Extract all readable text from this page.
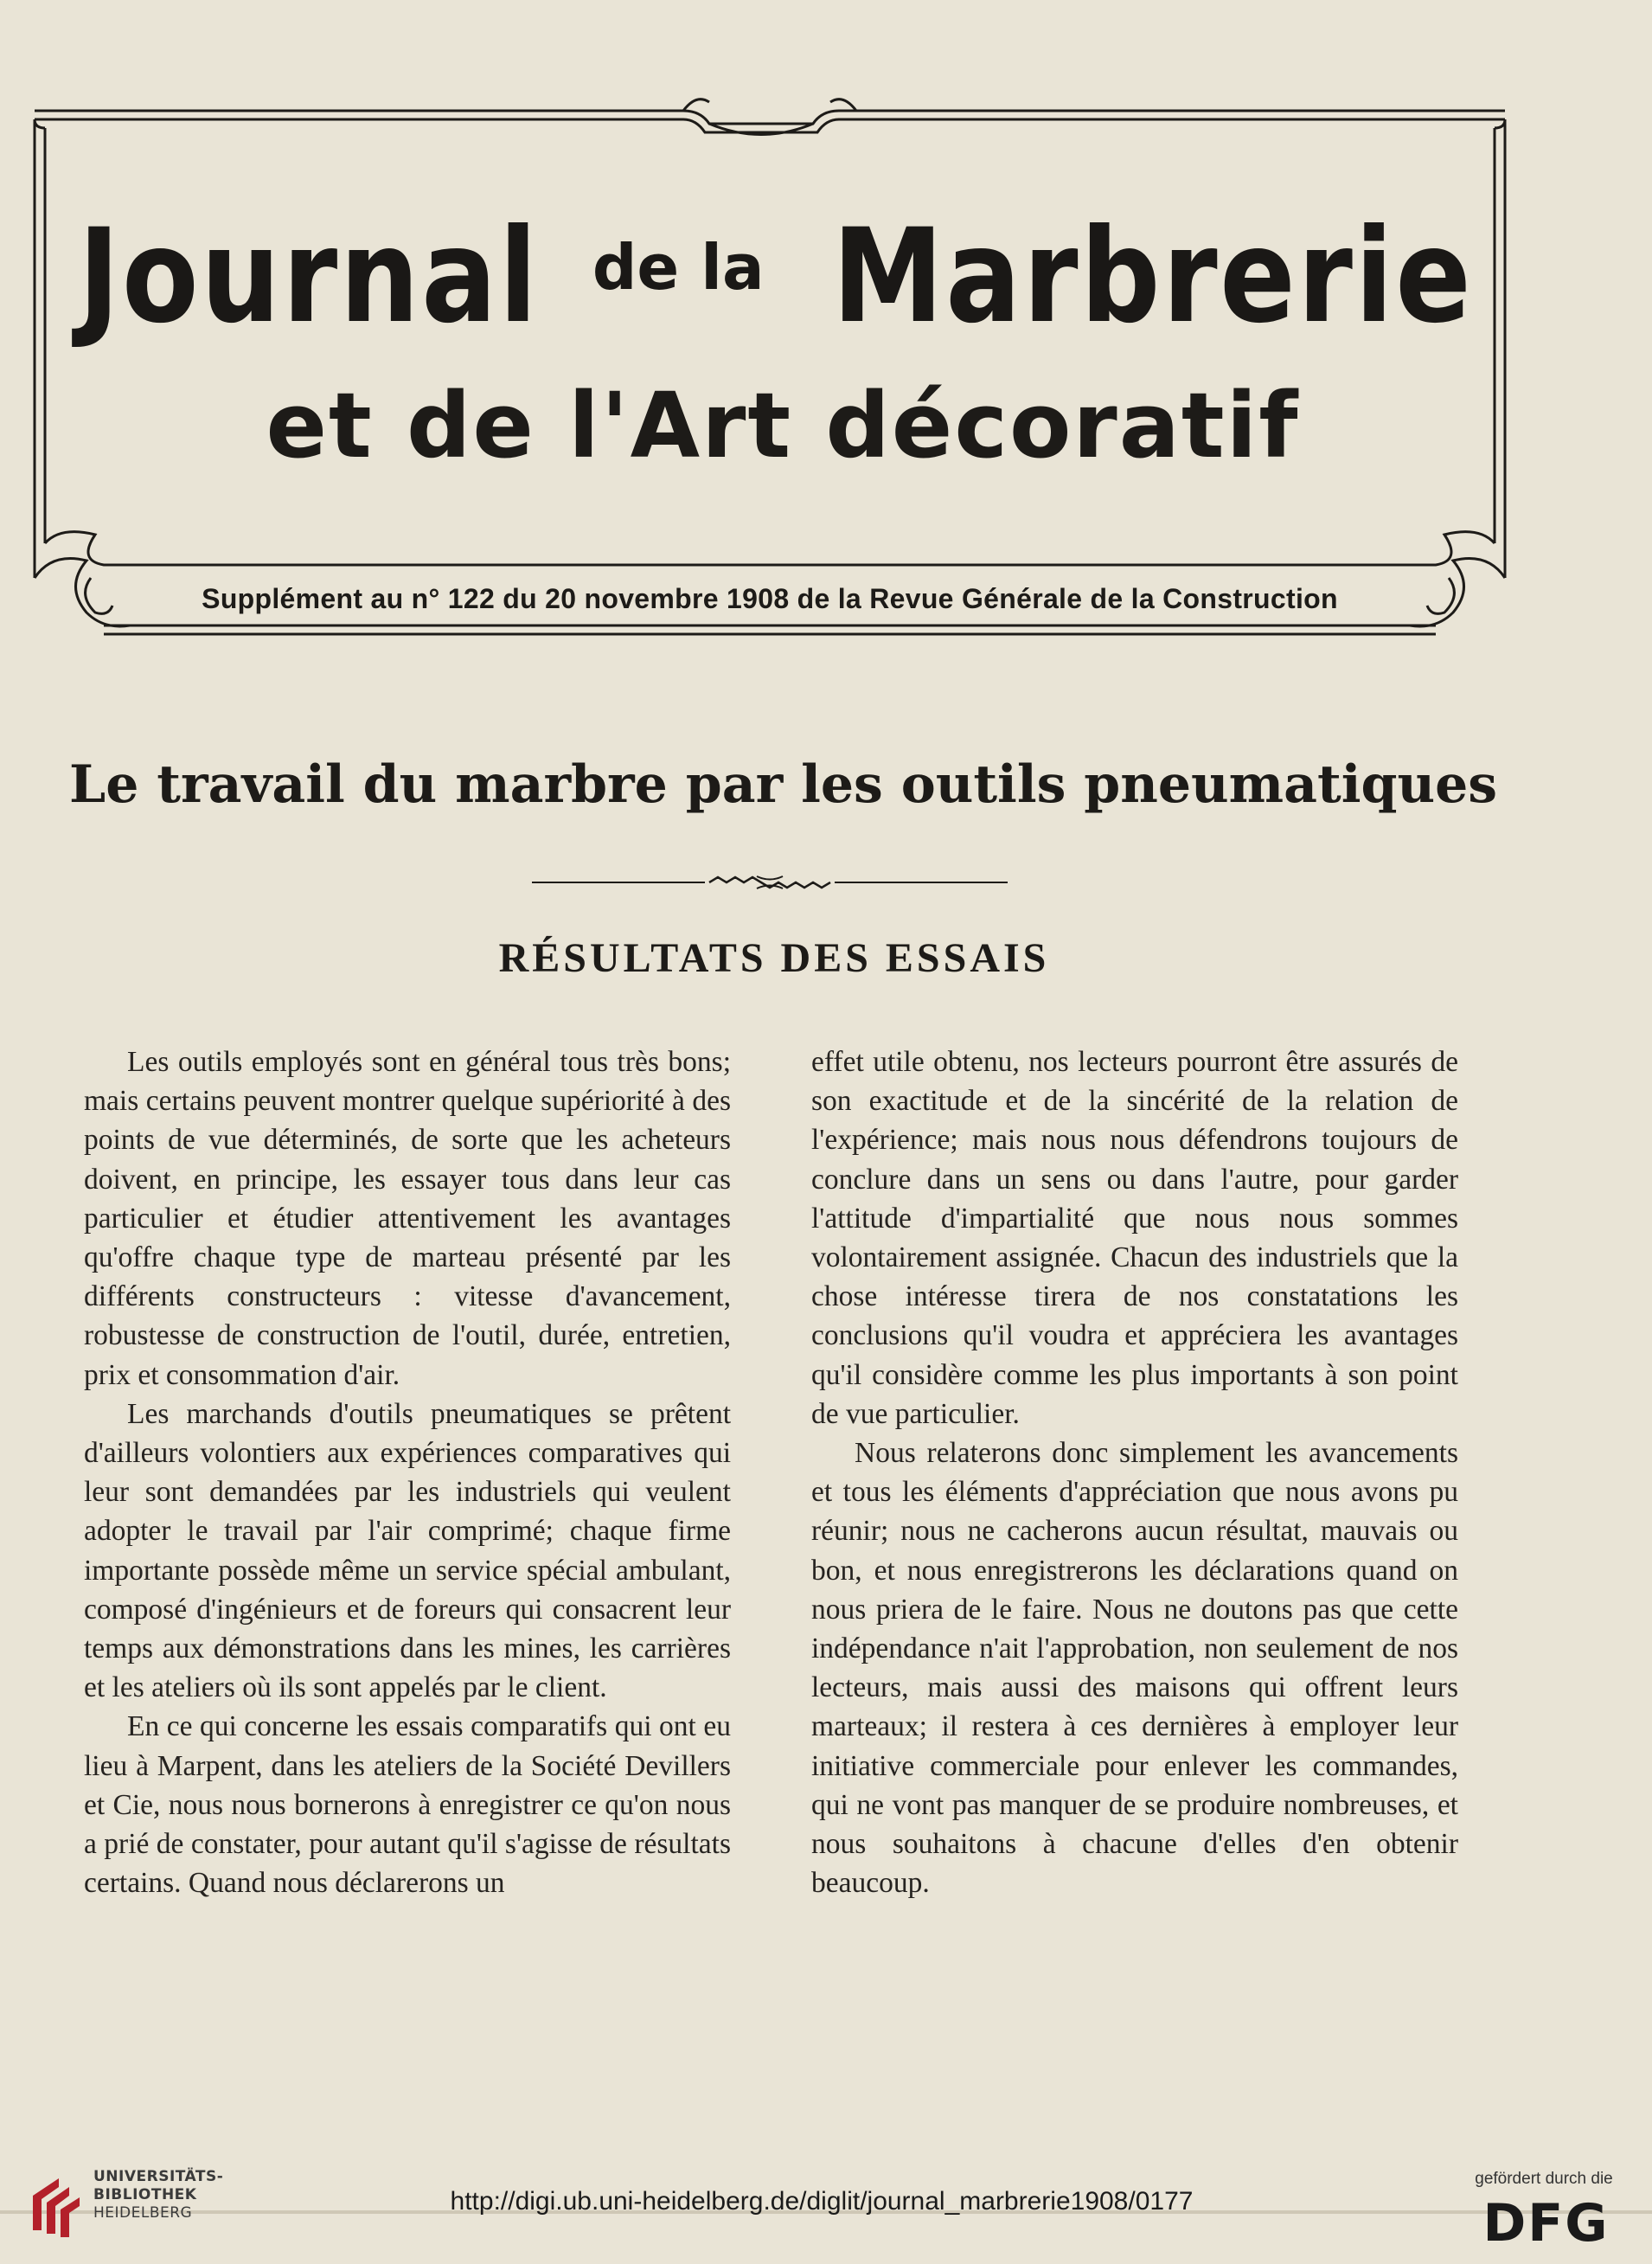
Journal de la Marbrerie
et de l'Art décoratif
Supplément au n° 122 du 20 novembre 1908 de la Revue Générale de la Construction
Le travail du marbre par les outils pneumatiques
RÉSULTATS DES ESSAIS

Les outils employés sont en général tous très bons; mais certains peuvent montrer quelque supériorité à des points de vue déterminés, de sorte que les acheteurs doivent, en principe, les essayer tous dans leur cas particulier et étudier attentivement les avantages qu'offre chaque type de marteau présenté par les différents constructeurs : vitesse d'avancement, robustesse de construction de l'outil, durée, entretien, prix et consommation d'air.

Les marchands d'outils pneumatiques se prêtent d'ailleurs volontiers aux expériences comparatives qui leur sont demandées par les industriels qui veulent adopter le travail par l'air comprimé; chaque firme importante possède même un service spécial ambulant, composé d'ingénieurs et de foreurs qui consacrent leur temps aux démonstrations dans les mines, les carrières et les ateliers où ils sont appelés par le client.

En ce qui concerne les essais comparatifs qui ont eu lieu à Marpent, dans les ateliers de la Société Devillers et Cie, nous nous bornerons à enregistrer ce qu'on nous a prié de constater, pour autant qu'il s'agisse de résultats certains. Quand nous déclarerons un

effet utile obtenu, nos lecteurs pourront être assurés de son exactitude et de la sincérité de la relation de l'expérience; mais nous nous défendrons toujours de conclure dans un sens ou dans l'autre, pour garder l'attitude d'impartialité que nous nous sommes volontairement assignée. Chacun des industriels que la chose intéresse tirera de nos constatations les conclusions qu'il voudra et appréciera les avantages qu'il considère comme les plus importants à son point de vue particulier.

Nous relaterons donc simplement les avancements et tous les éléments d'appréciation que nous avons pu réunir; nous ne cacherons aucun résultat, mauvais ou bon, et nous enregistrerons les déclarations quand on nous priera de le faire. Nous ne doutons pas que cette indépendance n'ait l'approbation, non seulement de nos lecteurs, mais aussi des maisons qui offrent leurs marteaux; il restera à ces dernières à employer leur initiative commerciale pour enlever les commandes, qui ne vont pas manquer de se produire nombreuses, et nous souhaitons à chacune d'elles d'en obtenir beaucoup.

UNIVERSITÄTS-
BIBLIOTHEK
HEIDELBERG	http://digi.ub.uni-heidelberg.de/diglit/journal_marbrerie1908/0177
gefördert durch die
DFG
